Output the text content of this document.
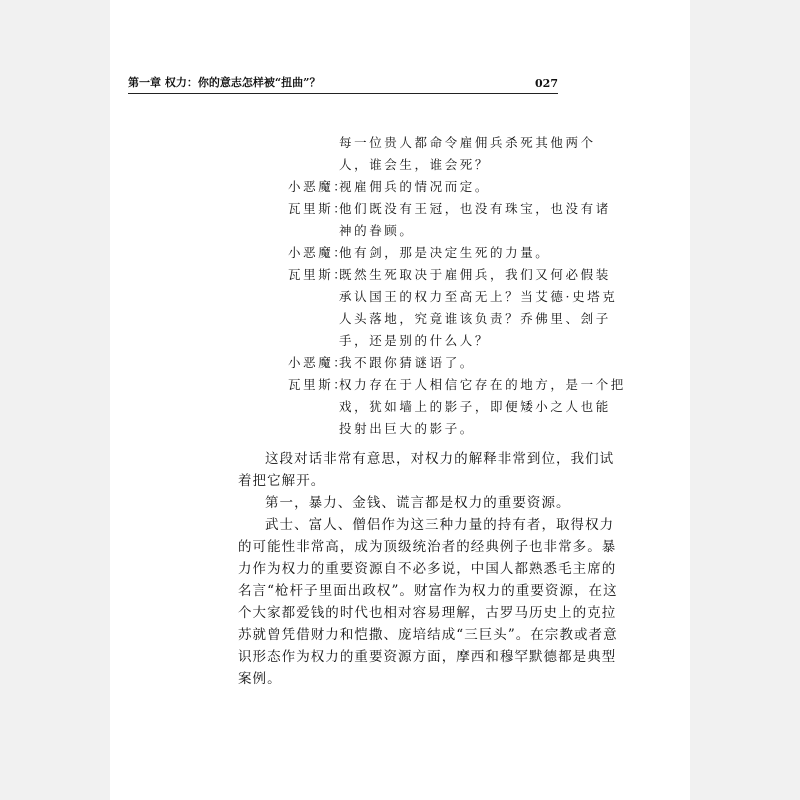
第一章 权力：你的意志怎样被“扭曲”？	027
每一位贵人都命令雇佣兵杀死其他两个
人，谁会生，谁会死？
小恶魔：
视雇佣兵的情况而定。
瓦里斯：
他们既没有王冠，也没有珠宝，也没有诸
神的眷顾。
小恶魔：
他有剑，那是决定生死的力量。
瓦里斯：
既然生死取决于雇佣兵，我们又何必假装
承认国王的权力至高无上？当艾德·史塔克
人头落地，究竟谁该负责？乔佛里、刽子
手，还是别的什么人？
小恶魔：
我不跟你猜谜语了。
瓦里斯：
权力存在于人相信它存在的地方，是一个把
戏，犹如墙上的影子，即便矮小之人也能
投射出巨大的影子。
这段对话非常有意思，对权力的解释非常到位，我们试
着把它解开。
第一，暴力、金钱、谎言都是权力的重要资源。
武士、富人、僧侣作为这三种力量的持有者，取得权力
的可能性非常高，成为顶级统治者的经典例子也非常多。暴
力作为权力的重要资源自不必多说，中国人都熟悉毛主席的
名言“枪杆子里面出政权”。财富作为权力的重要资源，在这
个大家都爱钱的时代也相对容易理解，古罗马历史上的克拉
苏就曾凭借财力和恺撒、庞培结成“三巨头”。在宗教或者意
识形态作为权力的重要资源方面，摩西和穆罕默德都是典型
案例。
